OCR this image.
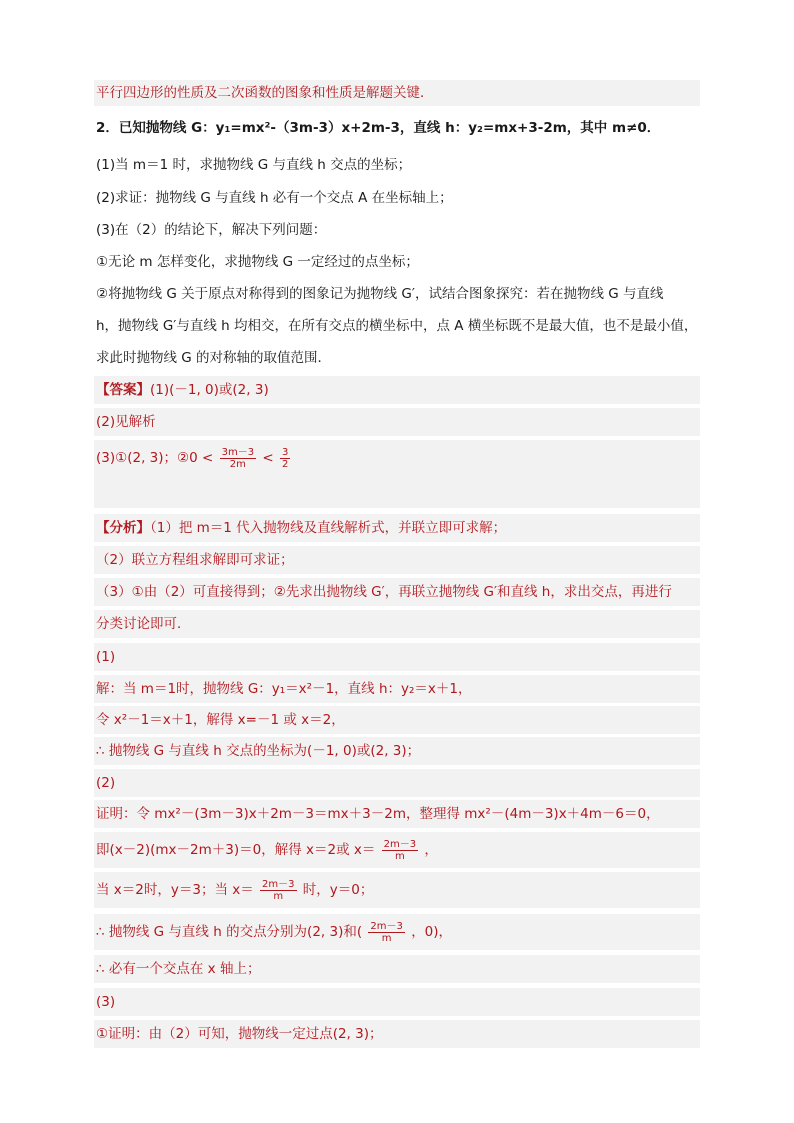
平行四边形的性质及二次函数的图象和性质是解题关键．
2．已知抛物线 G：y₁=mx²-（3m-3）x+2m-3，直线 h：y₂=mx+3-2m，其中 m≠0．
(1)当 m＝1 时，求抛物线 G 与直线 h 交点的坐标；
(2)求证：抛物线 G 与直线 h 必有一个交点 A 在坐标轴上；
(3)在（2）的结论下，解决下列问题：
①无论 m 怎样变化，求抛物线 G 一定经过的点坐标；
②将抛物线 G 关于原点对称得到的图象记为抛物线 G′，试结合图象探究：若在抛物线 G 与直线
h，抛物线 G′与直线 h 均相交，在所有交点的横坐标中，点 A 横坐标既不是最大值，也不是最小值，
求此时抛物线 G 的对称轴的取值范围．
【答案】(1)(－1, 0)或(2, 3)
(2)见解析
(3)①(2, 3)；②0 < $\frac{3m-3}{2m} < \frac{3}{2}$
【分析】（1）把 m＝1 代入抛物线及直线解析式，并联立即可求解；
（2）联立方程组求解即可求证；
（3）①由（2）可直接得到；②先求出抛物线 G′，再联立抛物线 G′和直线 h，求出交点，再进行
分类讨论即可．
(1)
解：当 m＝1时，抛物线 G：y₁＝x²－1，直线 h：y₂＝x＋1，
令 x²－1＝x＋1，解得 x=－1 或 x＝2，
∴ 抛物线 G 与直线 h 交点的坐标为(－1, 0)或(2, 3)；
(2)
证明：令 mx²－(3m－3)x＋2m－3＝mx＋3－2m，整理得 mx²－(4m－3)x＋4m－6＝0，
即(x－2)(mx－2m＋3)＝0，解得 x＝2或 $x= \frac{2m-3}{m}$ ，
当 x＝2时，y＝3；当 $x= \frac{2m-3}{m}$ 时，y＝0；
∴ 抛物线 G 与直线 h 的交点分别为(2, 3)和( $\frac{2m-3}{m}$ ，0)，
∴ 必有一个交点在 x 轴上；
(3)
①证明：由（2）可知，抛物线一定过点(2, 3)；
